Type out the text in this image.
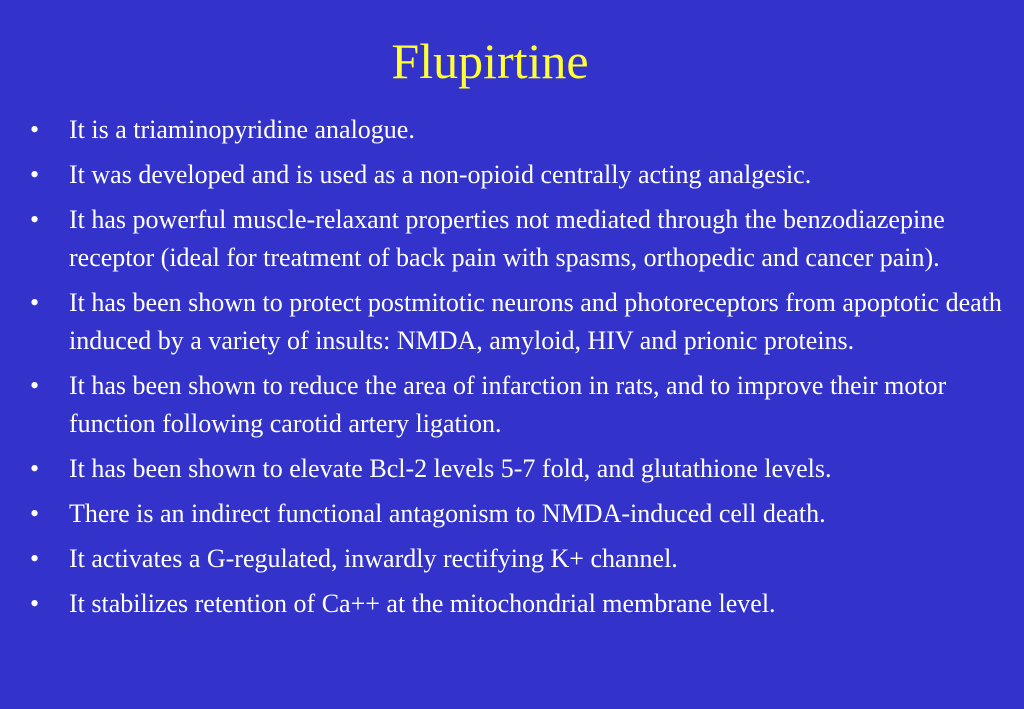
Flupirtine
• It is a triaminopyridine analogue.
• It was developed and is used as a non-opioid centrally acting analgesic.
• It has powerful muscle-relaxant properties not mediated through the benzodiazepine receptor (ideal for treatment of back pain with spasms, orthopedic and cancer pain).
• It has been shown to protect postmitotic neurons and photoreceptors from apoptotic death induced by a variety of insults: NMDA, amyloid, HIV and prionic proteins.
• It has been shown to reduce the area of infarction in rats, and to improve their motor function following carotid artery ligation.
• It has been shown to elevate Bcl-2 levels 5-7 fold, and glutathione levels.
• There is an indirect functional antagonism to NMDA-induced cell death.
• It activates a G-regulated, inwardly rectifying K+ channel.
• It stabilizes retention of Ca++ at the mitochondrial membrane level.
